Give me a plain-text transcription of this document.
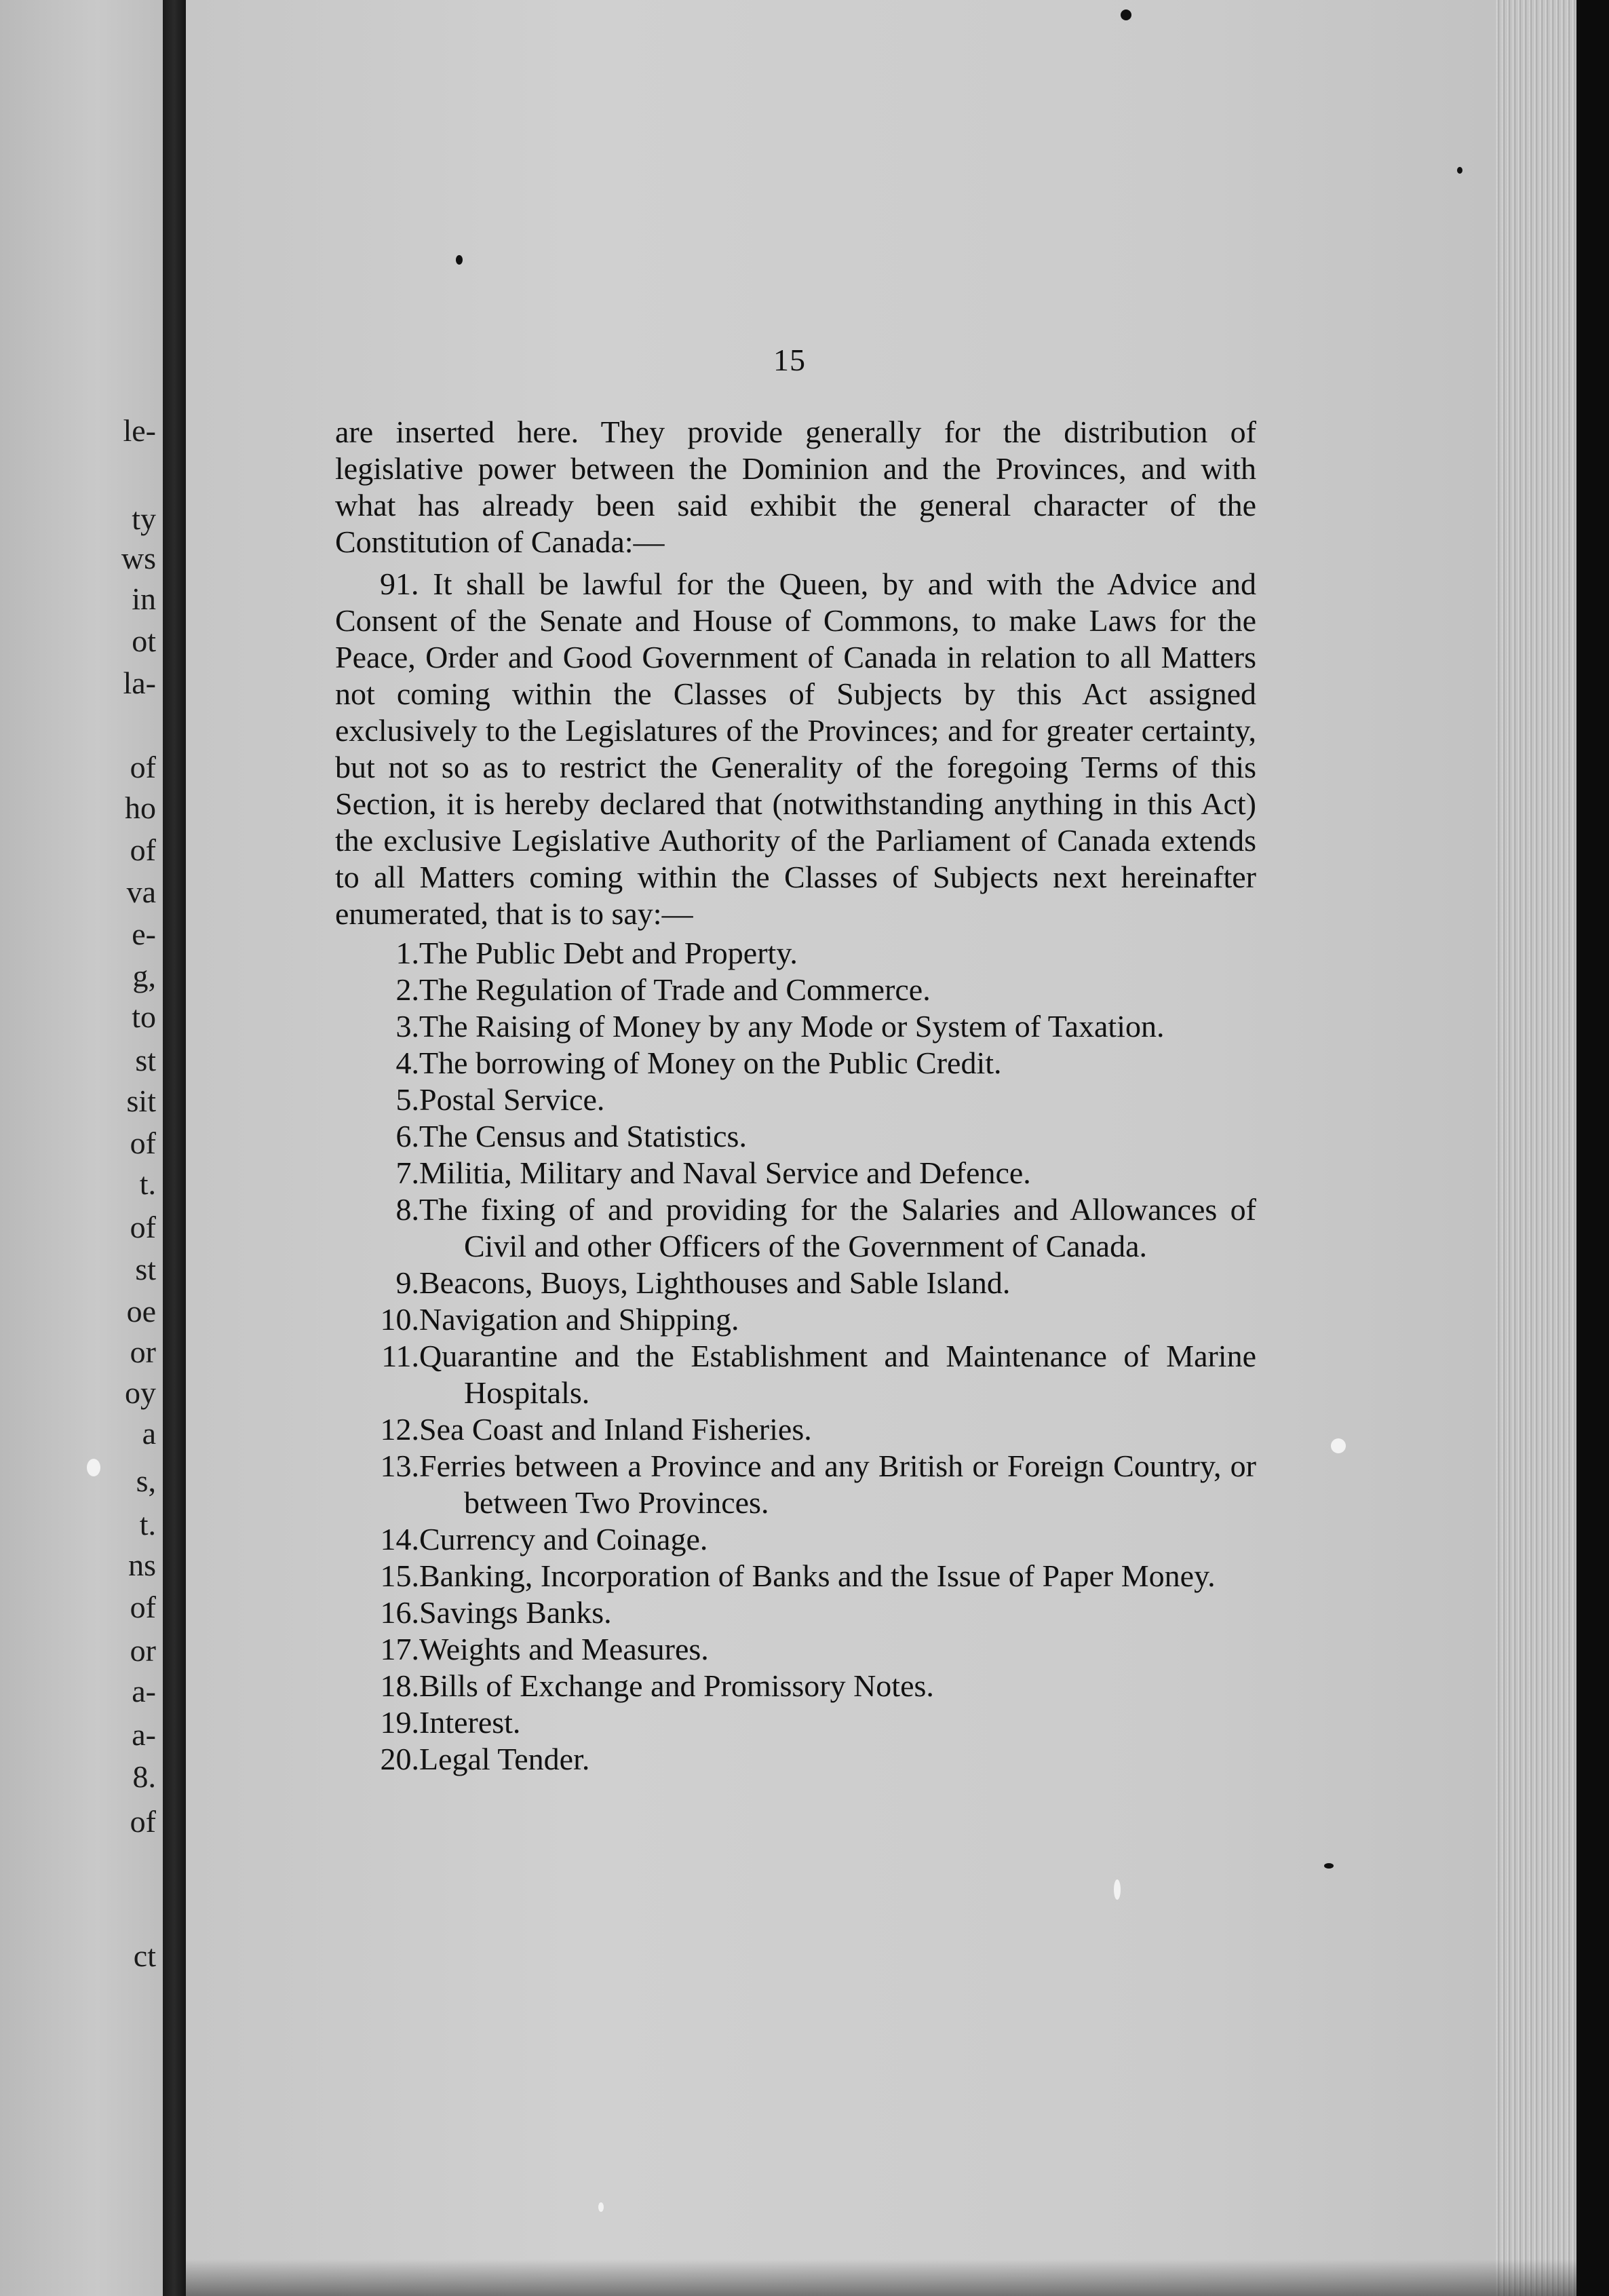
le-
ty
ws
in
ot
la-
of
ho
of
va
e-
g,
to
st
sit
of
t.
of
st
oe
or
oy
a
s,
t.
ns
of
or
a-
a-
8.
of
ct
15

are inserted here. They provide generally for the distribution of legislative power between the Dominion and the Provinces, and with what has already been said exhibit the general character of the Constitution of Canada:—

91. It shall be lawful for the Queen, by and with the Advice and Consent of the Senate and House of Commons, to make Laws for the Peace, Order and Good Government of Canada in relation to all Matters not coming within the Classes of Subjects by this Act assigned exclusively to the Legislatures of the Provinces; and for greater certainty, but not so as to restrict the Generality of the foregoing Terms of this Section, it is hereby declared that (notwithstanding anything in this Act) the exclusive Legislative Authority of the Parliament of Canada extends to all Matters coming within the Classes of Subjects next hereinafter enumerated, that is to say:—

1. The Public Debt and Property.
2. The Regulation of Trade and Commerce.
3. The Raising of Money by any Mode or System of Taxation.
4. The borrowing of Money on the Public Credit.
5. Postal Service.
6. The Census and Statistics.
7. Militia, Military and Naval Service and Defence.
8. The fixing of and providing for the Salaries and Allowances of Civil and other Officers of the Government of Canada.
9. Beacons, Buoys, Lighthouses and Sable Island.
10. Navigation and Shipping.
11. Quarantine and the Establishment and Maintenance of Marine Hospitals.
12. Sea Coast and Inland Fisheries.
13. Ferries between a Province and any British or Foreign Country, or between Two Provinces.
14. Currency and Coinage.
15. Banking, Incorporation of Banks and the Issue of Paper Money.
16. Savings Banks.
17. Weights and Measures.
18. Bills of Exchange and Promissory Notes.
19. Interest.
20. Legal Tender.
